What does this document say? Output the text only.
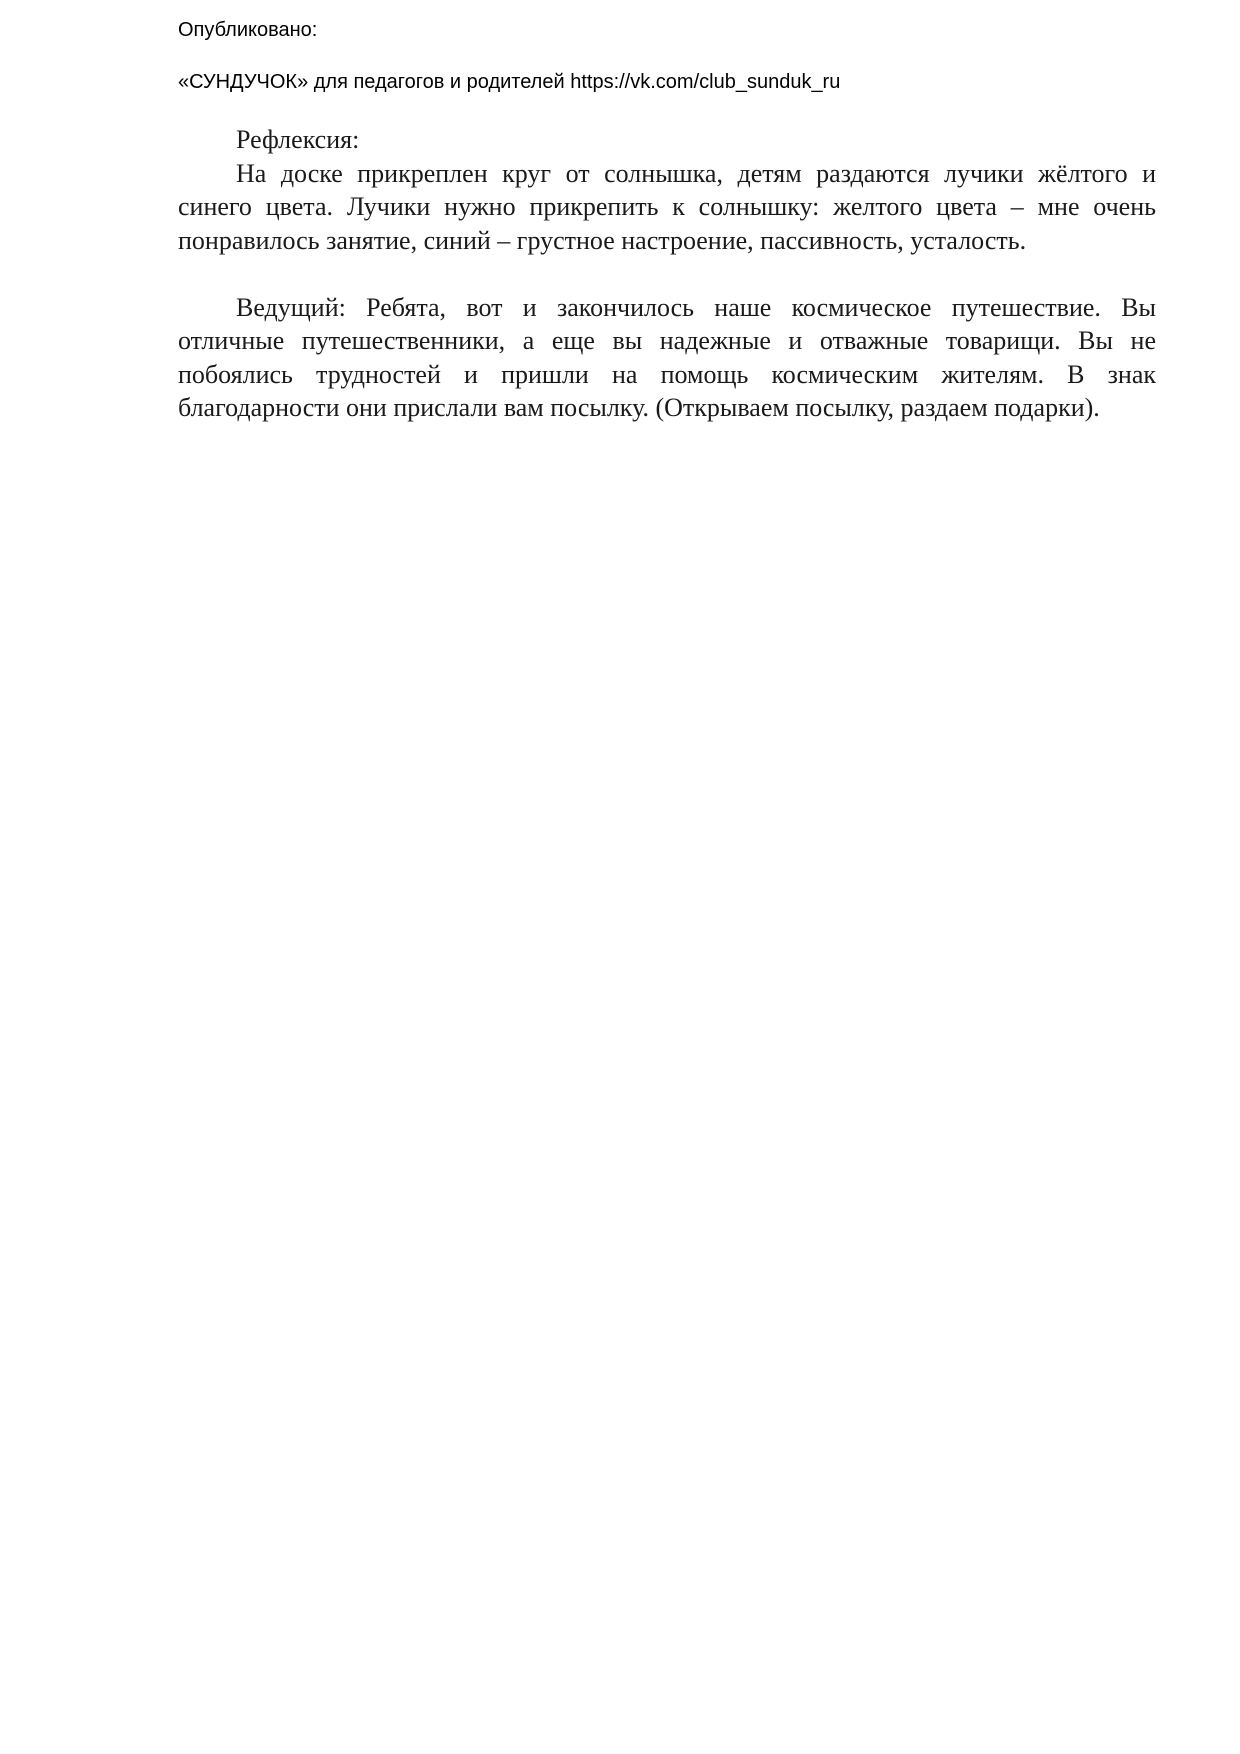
Опубликовано:
«СУНДУЧОК» для педагогов и родителей https://vk.com/club_sunduk_ru

Рефлексия:

На доске прикреплен круг от солнышка, детям раздаются лучики жёлтого и синего цвета. Лучики нужно прикрепить к солнышку: желтого цвета – мне очень понравилось занятие, синий – грустное настроение, пассивность, усталость.

Ведущий: Ребята, вот и закончилось наше космическое путешествие. Вы отличные путешественники, а еще вы надежные и отважные товарищи. Вы не побоялись трудностей и пришли на помощь космическим жителям. В знак благодарности они прислали вам посылку. (Открываем посылку, раздаем подарки).
